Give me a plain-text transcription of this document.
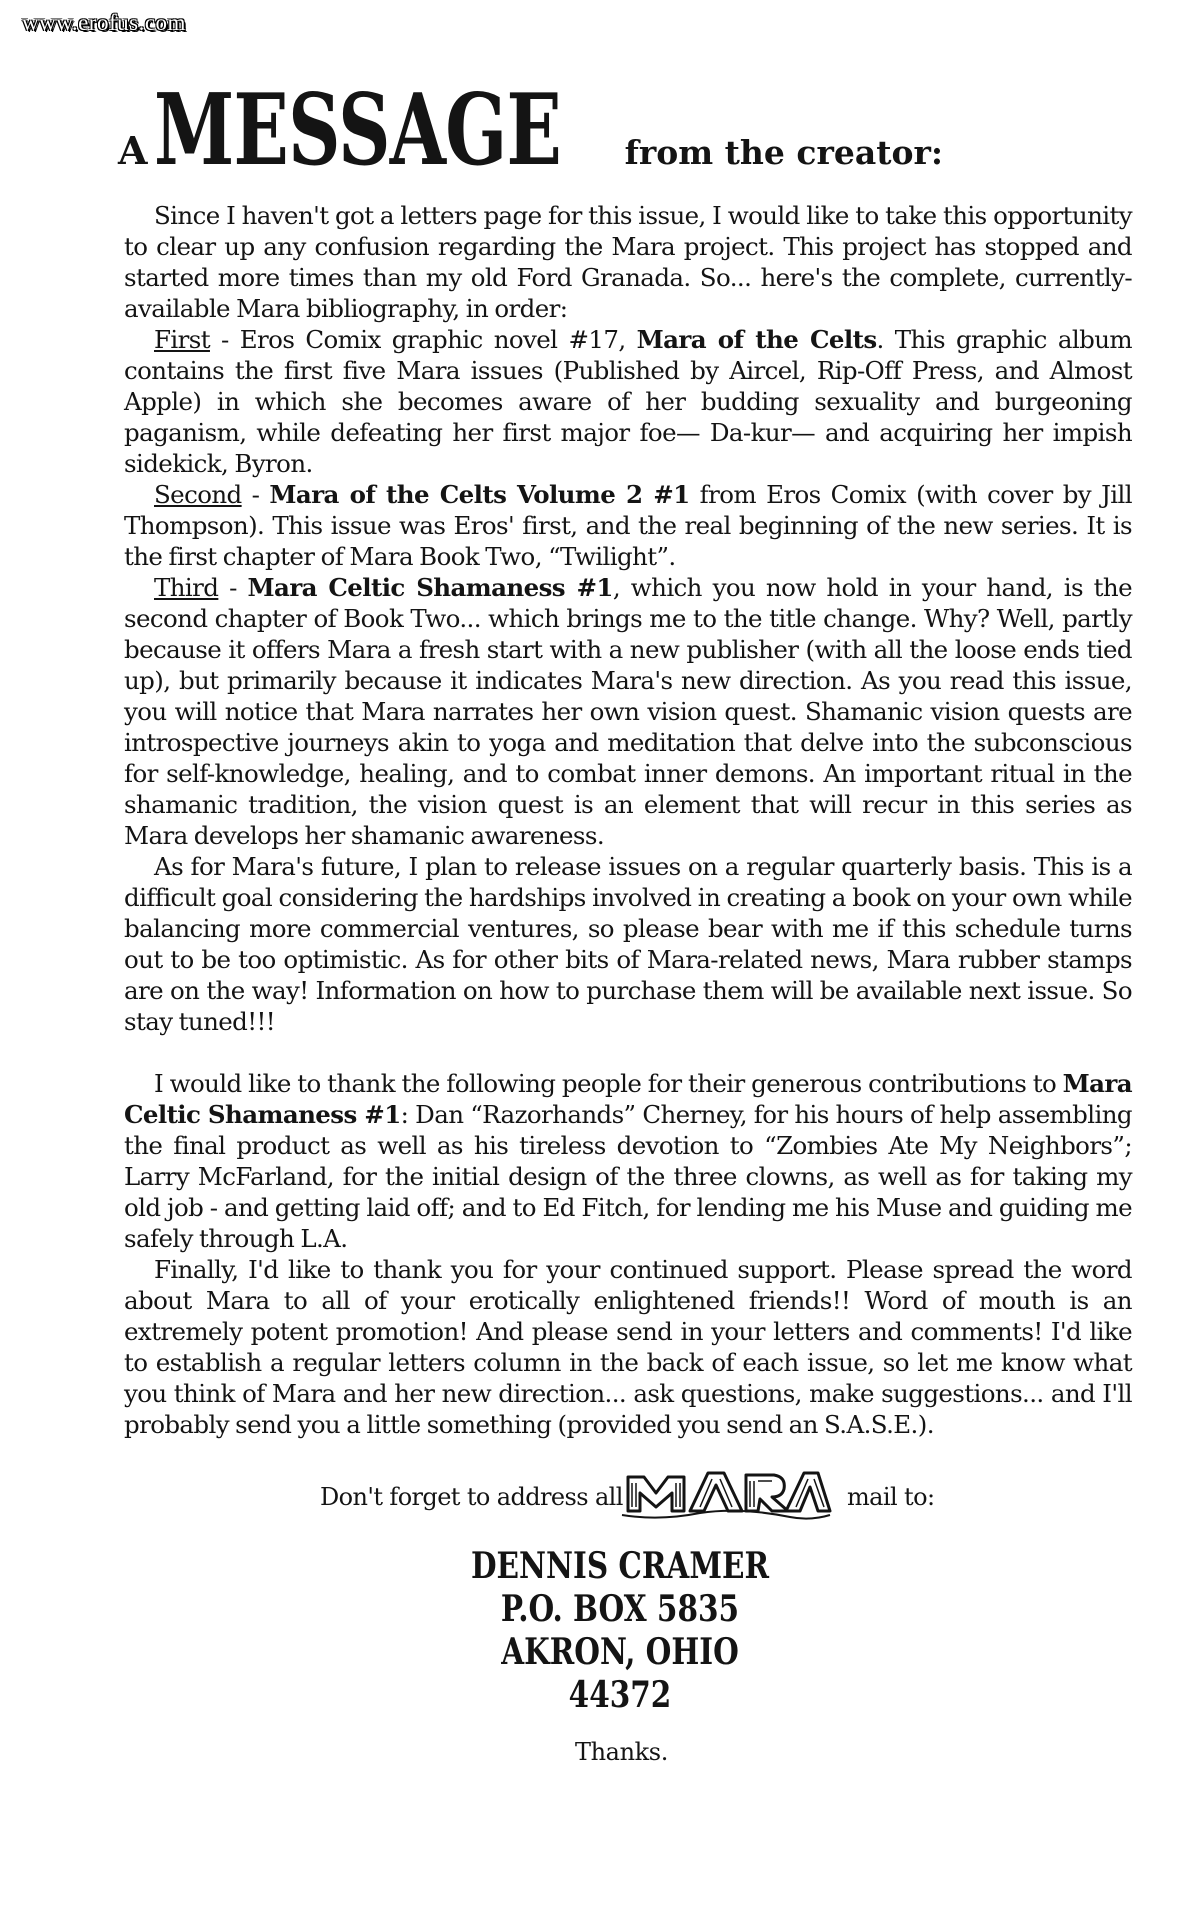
www.erofus.com
A MESSAGE from the creator:

Since I haven't got a letters page for this issue, I would like to take this opportunity to clear up any confusion regarding the Mara project. This project has stopped and started more times than my old Ford Granada. So... here's the complete, currently-available Mara bibliography, in order:

First - Eros Comix graphic novel #17, Mara of the Celts. This graphic album contains the first five Mara issues (Published by Aircel, Rip-Off Press, and Almost Apple) in which she becomes aware of her budding sexuality and burgeoning paganism, while defeating her first major foe— Da-kur— and acquiring her impish sidekick, Byron.

Second - Mara of the Celts Volume 2 #1 from Eros Comix (with cover by Jill Thompson). This issue was Eros' first, and the real beginning of the new series. It is the first chapter of Mara Book Two, “Twilight”.

Third - Mara Celtic Shamaness #1, which you now hold in your hand, is the second chapter of Book Two... which brings me to the title change. Why? Well, partly because it offers Mara a fresh start with a new publisher (with all the loose ends tied up), but primarily because it indicates Mara's new direction. As you read this issue, you will notice that Mara narrates her own vision quest. Shamanic vision quests are introspective journeys akin to yoga and meditation that delve into the subconscious for self-knowledge, healing, and to combat inner demons. An important ritual in the shamanic tradition, the vision quest is an element that will recur in this series as Mara develops her shamanic awareness.

As for Mara's future, I plan to release issues on a regular quarterly basis. This is a difficult goal considering the hardships involved in creating a book on your own while balancing more commercial ventures, so please bear with me if this schedule turns out to be too optimistic. As for other bits of Mara-related news, Mara rubber stamps are on the way! Information on how to purchase them will be available next issue. So stay tuned!!!

I would like to thank the following people for their generous contributions to Mara Celtic Shamaness #1: Dan “Razorhands” Cherney, for his hours of help assembling the final product as well as his tireless devotion to “Zombies Ate My Neighbors”; Larry McFarland, for the initial design of the three clowns, as well as for taking my old job - and getting laid off; and to Ed Fitch, for lending me his Muse and guiding me safely through L.A.

Finally, I'd like to thank you for your continued support. Please spread the word about Mara to all of your erotically enlightened friends!! Word of mouth is an extremely potent promotion! And please send in your letters and comments! I'd like to establish a regular letters column in the back of each issue, so let me know what you think of Mara and her new direction... ask questions, make suggestions... and I'll probably send you a little something (provided you send an S.A.S.E.).

Don't forget to address all	mail to:
DENNIS CRAMER
P.O. BOX 5835
AKRON, OHIO
44372
Thanks.
